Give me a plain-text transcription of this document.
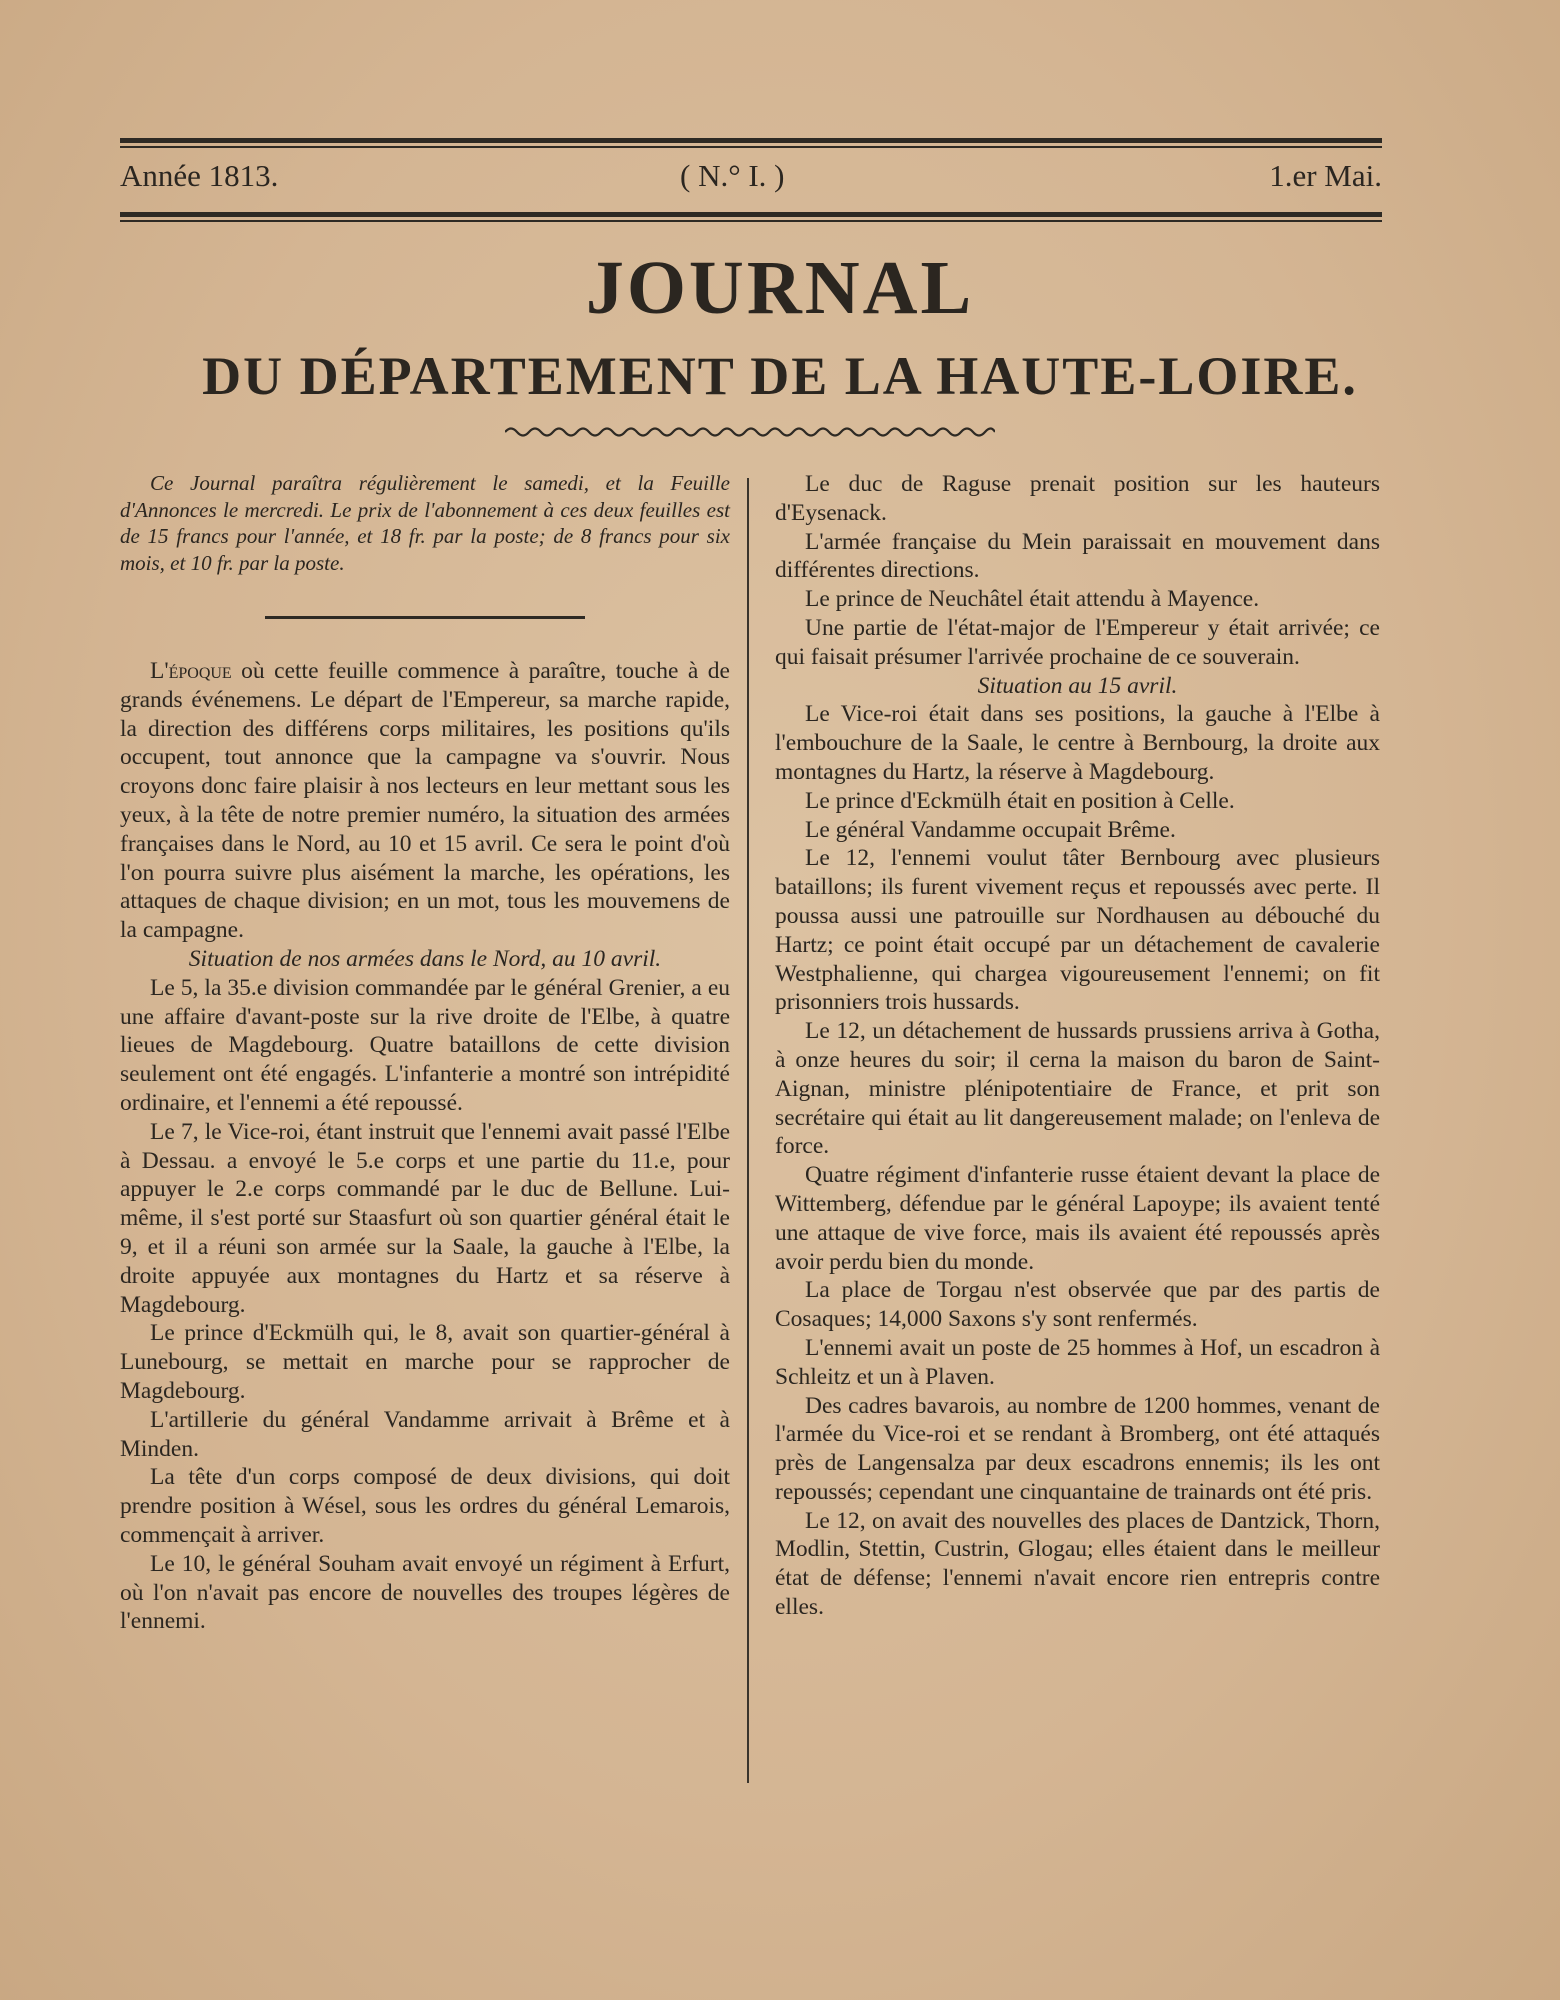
Année 1813.	( N.° I. )	1.er Mai.
JOURNAL
DU DÉPARTEMENT DE LA HAUTE-LOIRE.

Ce Journal paraîtra régulièrement le samedi, et la Feuille d'Annonces le mercredi. Le prix de l'abonnement à ces deux feuilles est de 15 francs pour l'année, et 18 fr. par la poste; de 8 francs pour six mois, et 10 fr. par la poste.

L'époque où cette feuille commence à paraître, touche à de grands événemens. Le départ de l'Empereur, sa marche rapide, la direction des différens corps militaires, les positions qu'ils occupent, tout annonce que la campagne va s'ouvrir. Nous croyons donc faire plaisir à nos lecteurs en leur mettant sous les yeux, à la tête de notre premier numéro, la situation des armées françaises dans le Nord, au 10 et 15 avril. Ce sera le point d'où l'on pourra suivre plus aisément la marche, les opérations, les attaques de chaque division; en un mot, tous les mouvemens de la campagne.

Situation de nos armées dans le Nord, au 10 avril.

Le 5, la 35.e division commandée par le général Grenier, a eu une affaire d'avant-poste sur la rive droite de l'Elbe, à quatre lieues de Magdebourg. Quatre bataillons de cette division seulement ont été engagés. L'infanterie a montré son intrépidité ordinaire, et l'ennemi a été repoussé.

Le 7, le Vice-roi, étant instruit que l'ennemi avait passé l'Elbe à Dessau. a envoyé le 5.e corps et une partie du 11.e, pour appuyer le 2.e corps commandé par le duc de Bellune. Lui-même, il s'est porté sur Staasfurt où son quartier général était le 9, et il a réuni son armée sur la Saale, la gauche à l'Elbe, la droite appuyée aux montagnes du Hartz et sa réserve à Magdebourg.

Le prince d'Eckmülh qui, le 8, avait son quartier-général à Lunebourg, se mettait en marche pour se rapprocher de Magdebourg.

L'artillerie du général Vandamme arrivait à Brême et à Minden.

La tête d'un corps composé de deux divisions, qui doit prendre position à Wésel, sous les ordres du général Lemarois, commençait à arriver.

Le 10, le général Souham avait envoyé un régiment à Erfurt, où l'on n'avait pas encore de nouvelles des troupes légères de l'ennemi.

Le duc de Raguse prenait position sur les hauteurs d'Eysenack.

L'armée française du Mein paraissait en mouvement dans différentes directions.

Le prince de Neuchâtel était attendu à Mayence.

Une partie de l'état-major de l'Empereur y était arrivée; ce qui faisait présumer l'arrivée prochaine de ce souverain.

Situation au 15 avril.

Le Vice-roi était dans ses positions, la gauche à l'Elbe à l'embouchure de la Saale, le centre à Bernbourg, la droite aux montagnes du Hartz, la réserve à Magdebourg.

Le prince d'Eckmülh était en position à Celle.

Le général Vandamme occupait Brême.

Le 12, l'ennemi voulut tâter Bernbourg avec plusieurs bataillons; ils furent vivement reçus et repoussés avec perte. Il poussa aussi une patrouille sur Nordhausen au débouché du Hartz; ce point était occupé par un détachement de cavalerie Westphalienne, qui chargea vigoureusement l'ennemi; on fit prisonniers trois hussards.

Le 12, un détachement de hussards prussiens arriva à Gotha, à onze heures du soir; il cerna la maison du baron de Saint-Aignan, ministre plénipotentiaire de France, et prit son secrétaire qui était au lit dangereusement malade; on l'enleva de force.

Quatre régiment d'infanterie russe étaient devant la place de Wittemberg, défendue par le général Lapoype; ils avaient tenté une attaque de vive force, mais ils avaient été repoussés après avoir perdu bien du monde.

La place de Torgau n'est observée que par des partis de Cosaques; 14,000 Saxons s'y sont renfermés.

L'ennemi avait un poste de 25 hommes à Hof, un escadron à Schleitz et un à Plaven.

Des cadres bavarois, au nombre de 1200 hommes, venant de l'armée du Vice-roi et se rendant à Bromberg, ont été attaqués près de Langensalza par deux escadrons ennemis; ils les ont repoussés; cependant une cinquantaine de trainards ont été pris.

Le 12, on avait des nouvelles des places de Dantzick, Thorn, Modlin, Stettin, Custrin, Glogau; elles étaient dans le meilleur état de défense; l'ennemi n'avait encore rien entrepris contre elles.
